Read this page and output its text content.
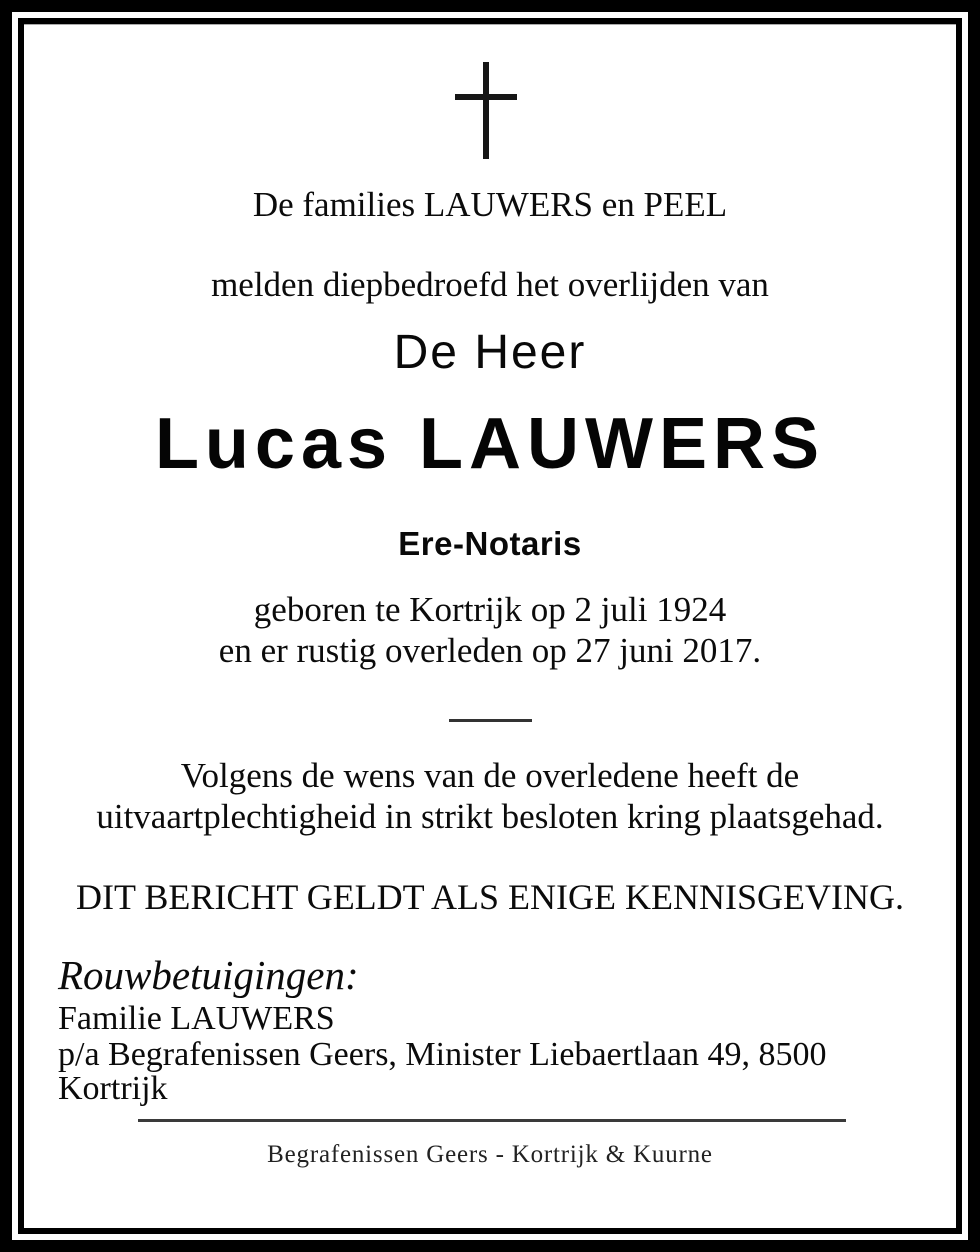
De families LAUWERS en PEEL
melden diepbedroefd het overlijden van
De Heer
Lucas LAUWERS
Ere-Notaris
geboren te Kortrijk op 2 juli 1924
en er rustig overleden op 27 juni 2017.
Volgens de wens van de overledene heeft de
uitvaartplechtigheid in strikt besloten kring plaatsgehad.
DIT BERICHT GELDT ALS ENIGE KENNISGEVING.
Rouwbetuigingen:
Familie LAUWERS
p/a Begrafenissen Geers, Minister Liebaertlaan 49, 8500 Kortrijk
Begrafenissen Geers - Kortrijk & Kuurne
